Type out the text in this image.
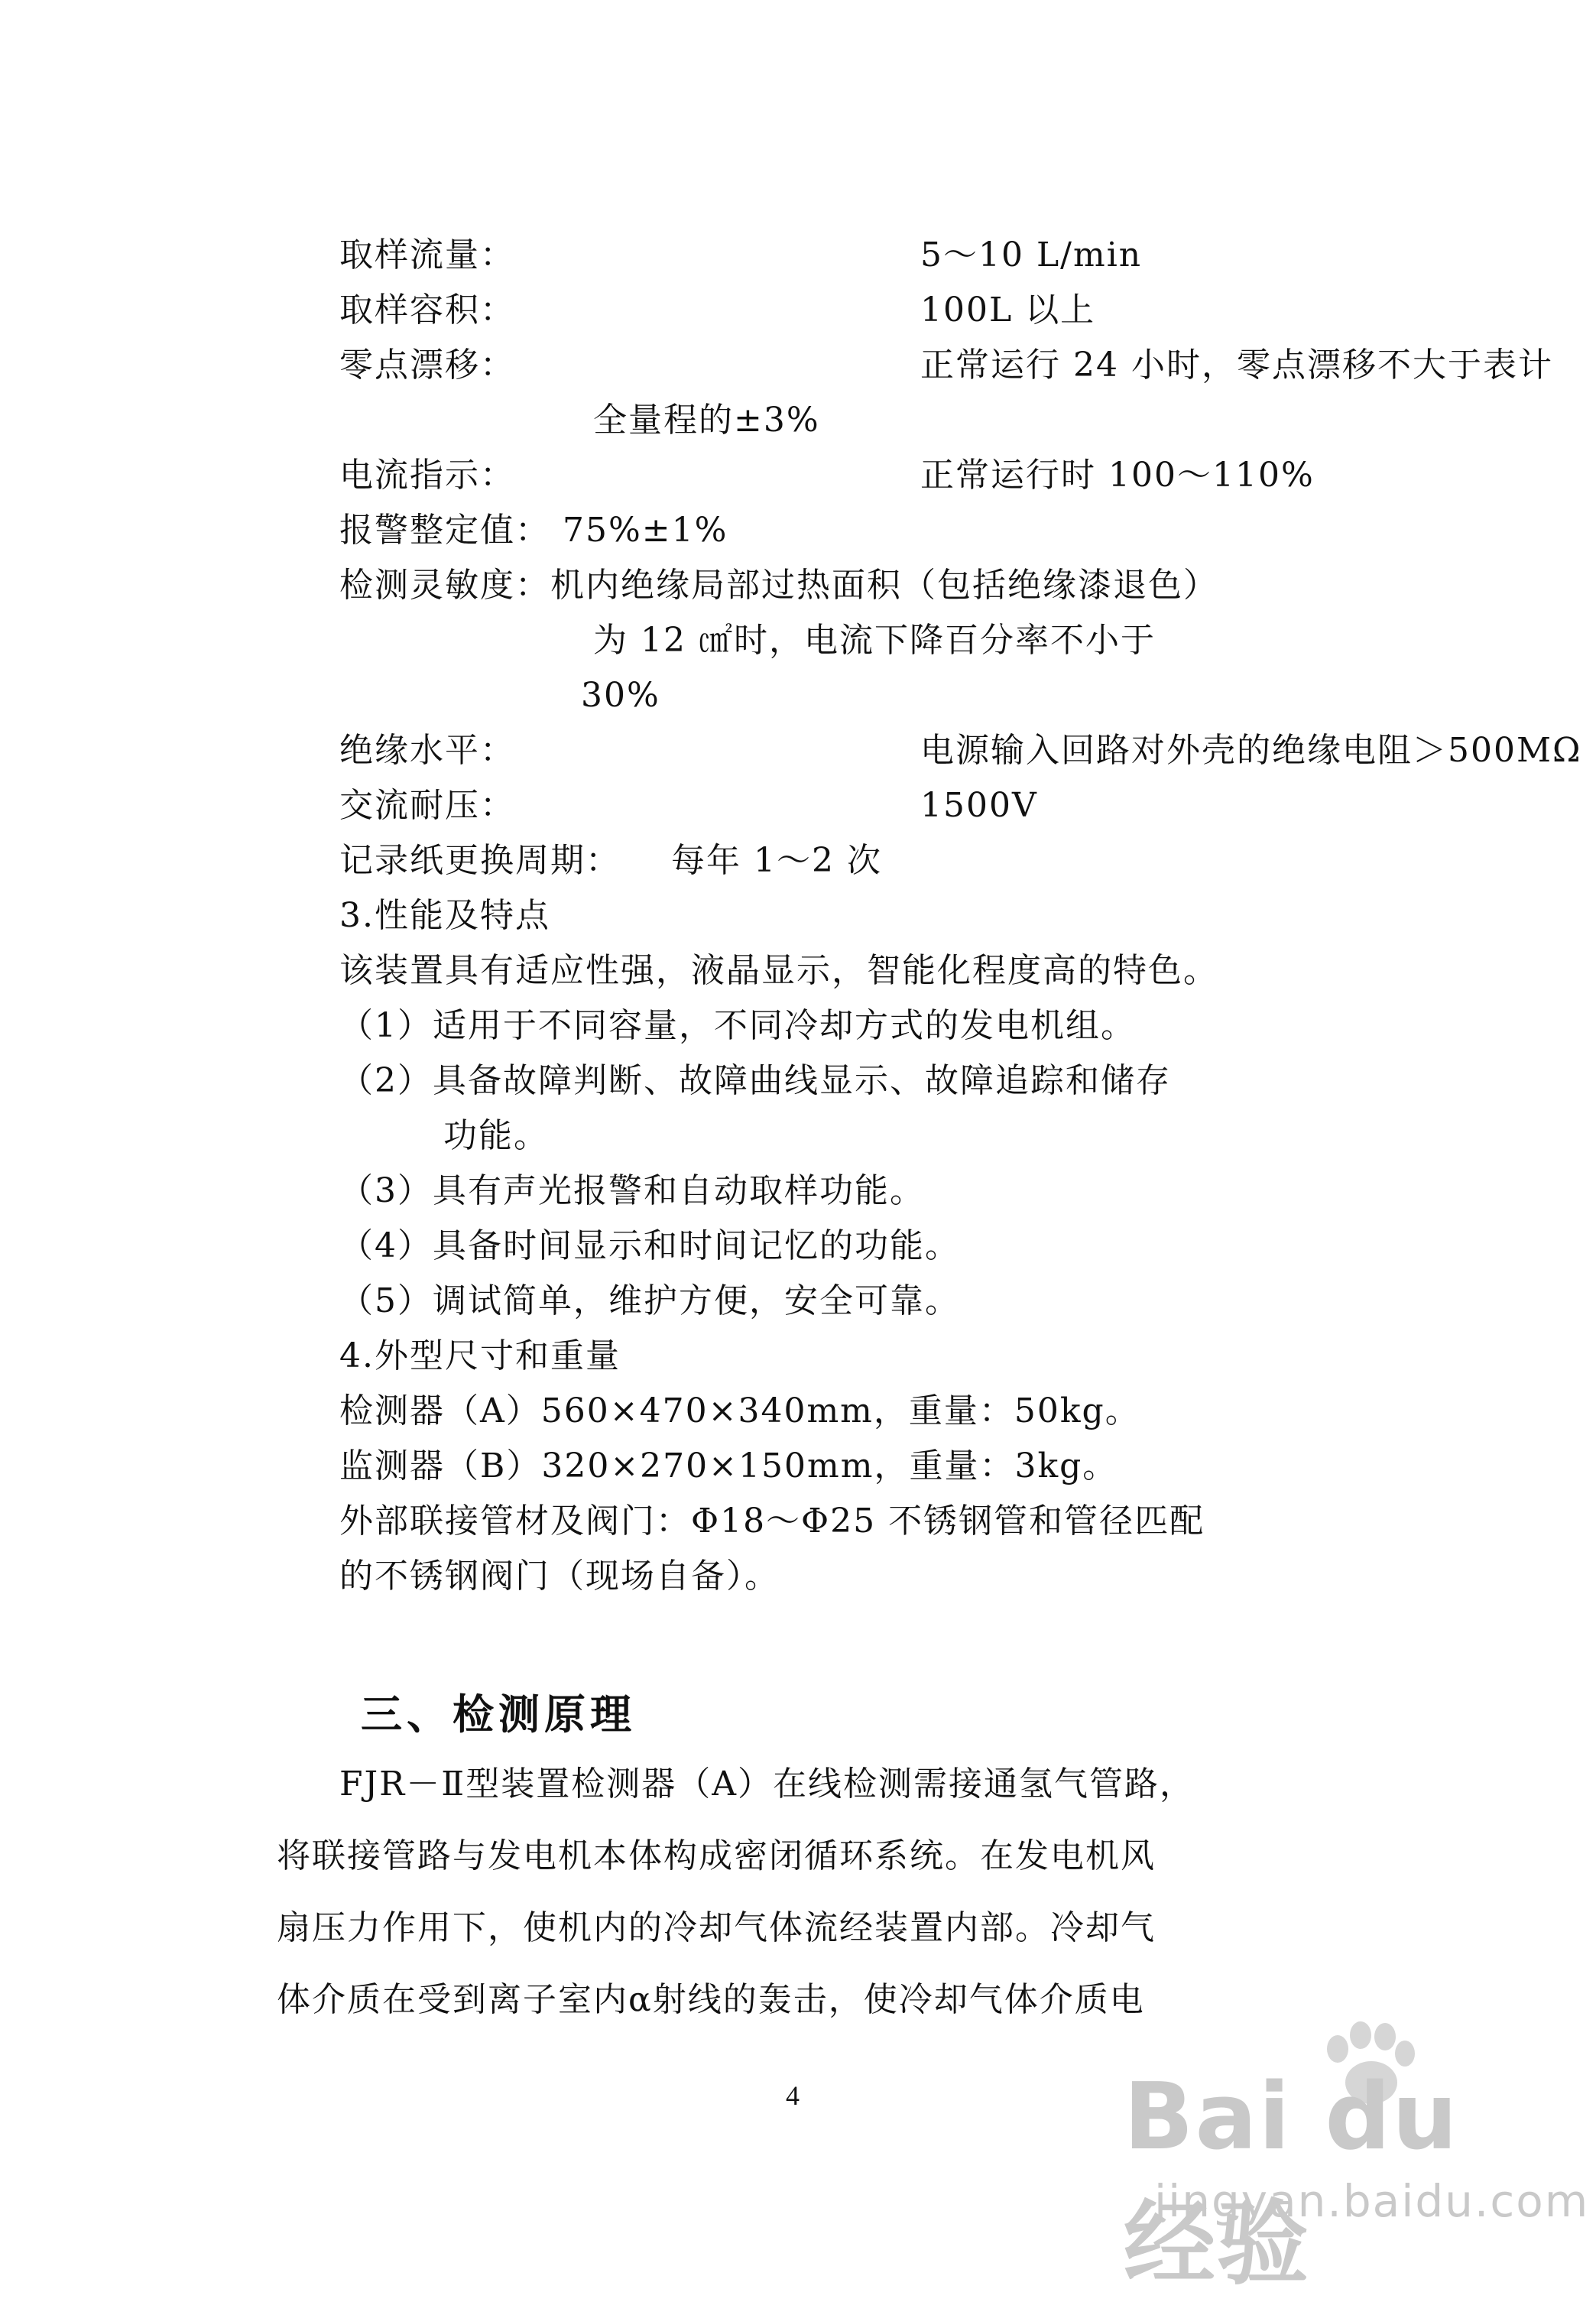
取样流量：	5～10 L/min
取样容积：	100L 以上
零点漂移：	正常运行 24 小时，零点漂移不大于表计
全量程的±3%
电流指示：	正常运行时 100～110%
报警整定值： 75%±1%
检测灵敏度：机内绝缘局部过热面积（包括绝缘漆退色）
为 12 ㎠时，电流下降百分率不小于
30%
绝缘水平：	电源输入回路对外壳的绝缘电阻＞500MΩ
交流耐压：	1500V
记录纸更换周期： 每年 1～2 次
3.性能及特点
该装置具有适应性强，液晶显示，智能化程度高的特色。
（1）适用于不同容量，不同冷却方式的发电机组。
（2）具备故障判断、故障曲线显示、故障追踪和储存
功能。
（3）具有声光报警和自动取样功能。
（4）具备时间显示和时间记忆的功能。
（5）调试简单，维护方便，安全可靠。
4.外型尺寸和重量
检测器（A）560×470×340mm，重量：50kg。
监测器（B）320×270×150mm，重量：3kg。
外部联接管材及阀门：Φ18～Φ25 不锈钢管和管径匹配
的不锈钢阀门（现场自备）。
三、检测原理
FJR－Ⅱ型装置检测器（A）在线检测需接通氢气管路，
将联接管路与发电机本体构成密闭循环系统。在发电机风
扇压力作用下，使机内的冷却气体流经装置内部。冷却气
体介质在受到离子室内α射线的轰击，使冷却气体介质电
4	Bai du 经验
jingyan.baidu.com
